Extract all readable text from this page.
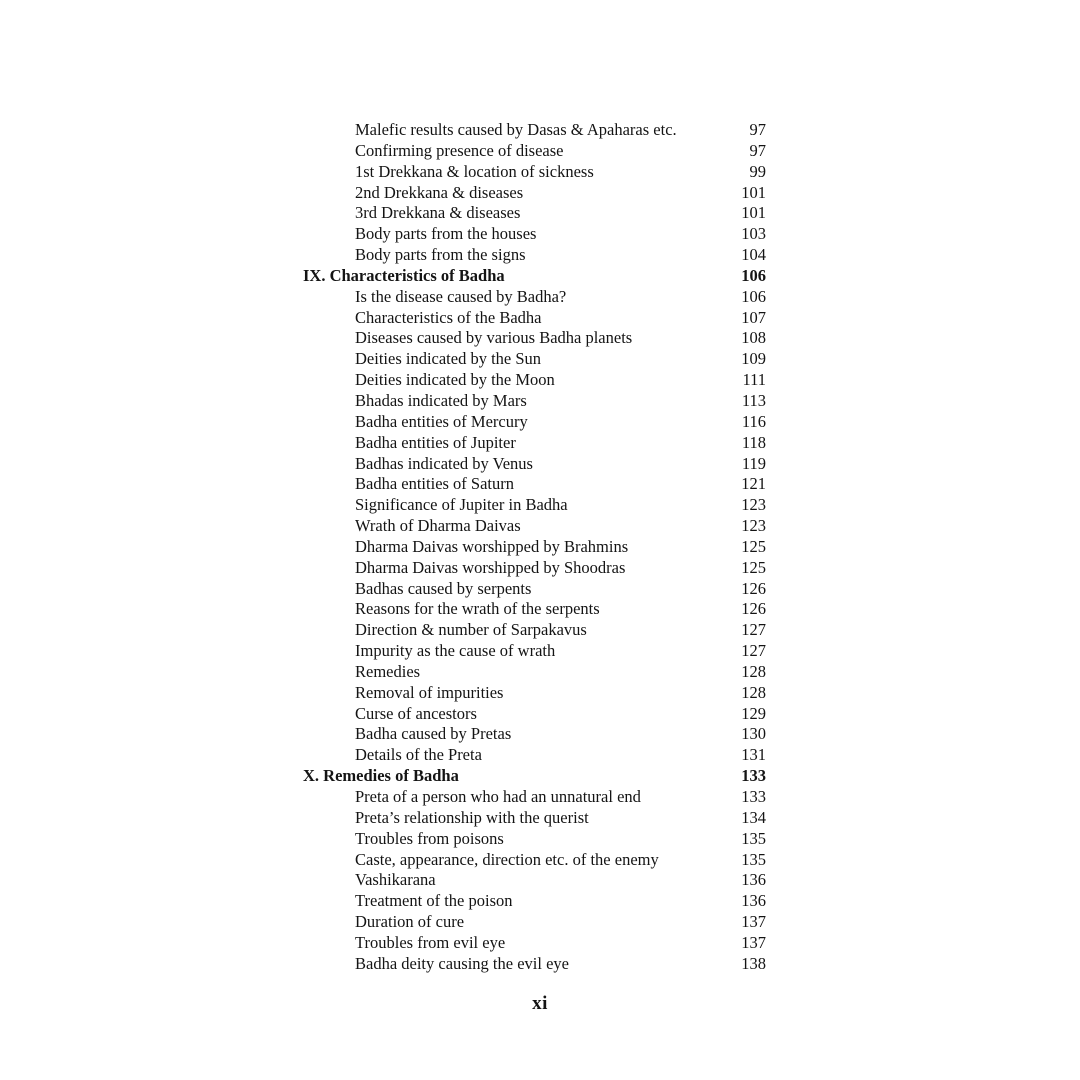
Malefic results caused by Dasas & Apaharas etc.	97
Confirming presence of disease	97
1st Drekkana & location of sickness	99
2nd Drekkana & diseases	101
3rd Drekkana & diseases	101
Body parts from the houses	103
Body parts from the signs	104
IX. Characteristics of Badha	106
Is the disease caused by Badha?	106
Characteristics of the Badha	107
Diseases caused by various Badha planets	108
Deities indicated by the Sun	109
Deities indicated by the Moon	111
Bhadas indicated by Mars	113
Badha entities of Mercury	116
Badha entities of Jupiter	118
Badhas indicated by Venus	119
Badha entities of Saturn	121
Significance of Jupiter in Badha	123
Wrath of Dharma Daivas	123
Dharma Daivas worshipped by Brahmins	125
Dharma Daivas worshipped by Shoodras	125
Badhas caused by serpents	126
Reasons for the wrath of the serpents	126
Direction & number of Sarpakavus	127
Impurity as the cause of wrath	127
Remedies	128
Removal of impurities	128
Curse of ancestors	129
Badha caused by Pretas	130
Details of the Preta	131
X. Remedies of Badha	133
Preta of a person who had an unnatural end	133
Preta’s relationship with the querist	134
Troubles from poisons	135
Caste, appearance, direction etc. of the enemy	135
Vashikarana	136
Treatment of the poison	136
Duration of cure	137
Troubles from evil eye	137
Badha deity causing the evil eye	138
xi
